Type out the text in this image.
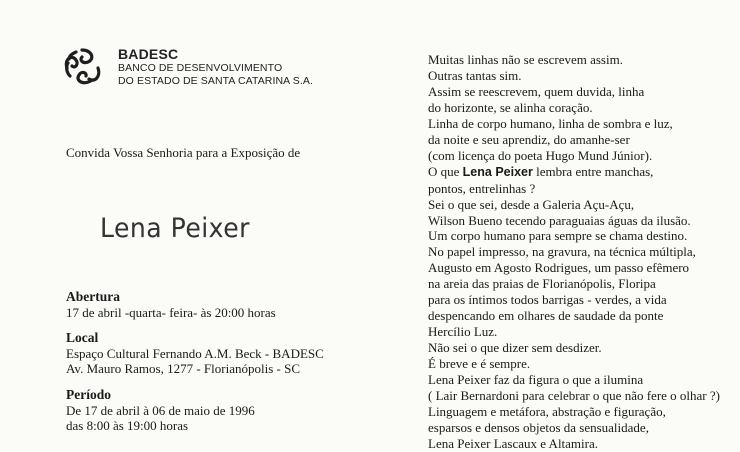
BADESC
BANCO DE DESENVOLVIMENTO
DO ESTADO DE SANTA CATARINA S.A.
Convida Vossa Senhoria para a Exposição de
Lena Peixer
Abertura
17 de abril -quarta- feira- às 20:00 horas
Local
Espaço Cultural Fernando A.M. Beck - BADESC
Av. Mauro Ramos, 1277 - Florianópolis - SC
Período
De 17 de abril à 06 de maio de 1996
das 8:00 às 19:00 horas
Muitas linhas não se escrevem assim.
Outras tantas sim.
Assim se reescrevem, quem duvida, linha
do horizonte, se alinha coração.
Linha de corpo humano, linha de sombra e luz,
da noite e seu aprendiz, do amanhe-ser
(com licença do poeta Hugo Mund Júnior).
O que Lena Peixer lembra entre manchas,
pontos, entrelinhas ?
Sei o que sei, desde a Galeria Açu-Açu,
Wilson Bueno tecendo paraguaias águas da ilusão.
Um corpo humano para sempre se chama destino.
No papel impresso, na gravura, na técnica múltipla,
Augusto em Agosto Rodrigues, um passo efêmero
na areia das praias de Florianópolis, Floripa
para os íntimos todos barrigas - verdes, a vida
despencando em olhares de saudade da ponte
Hercílio Luz.
Não sei o que dizer sem desdizer.
É breve e é sempre.
Lena Peixer faz da figura o que a ilumina
( Lair Bernardoni para celebrar o que não fere o olhar ?)
Linguagem e metáfora, abstração e figuração,
esparsos e densos objetos da sensualidade,
Lena Peixer Lascaux e Altamira.
